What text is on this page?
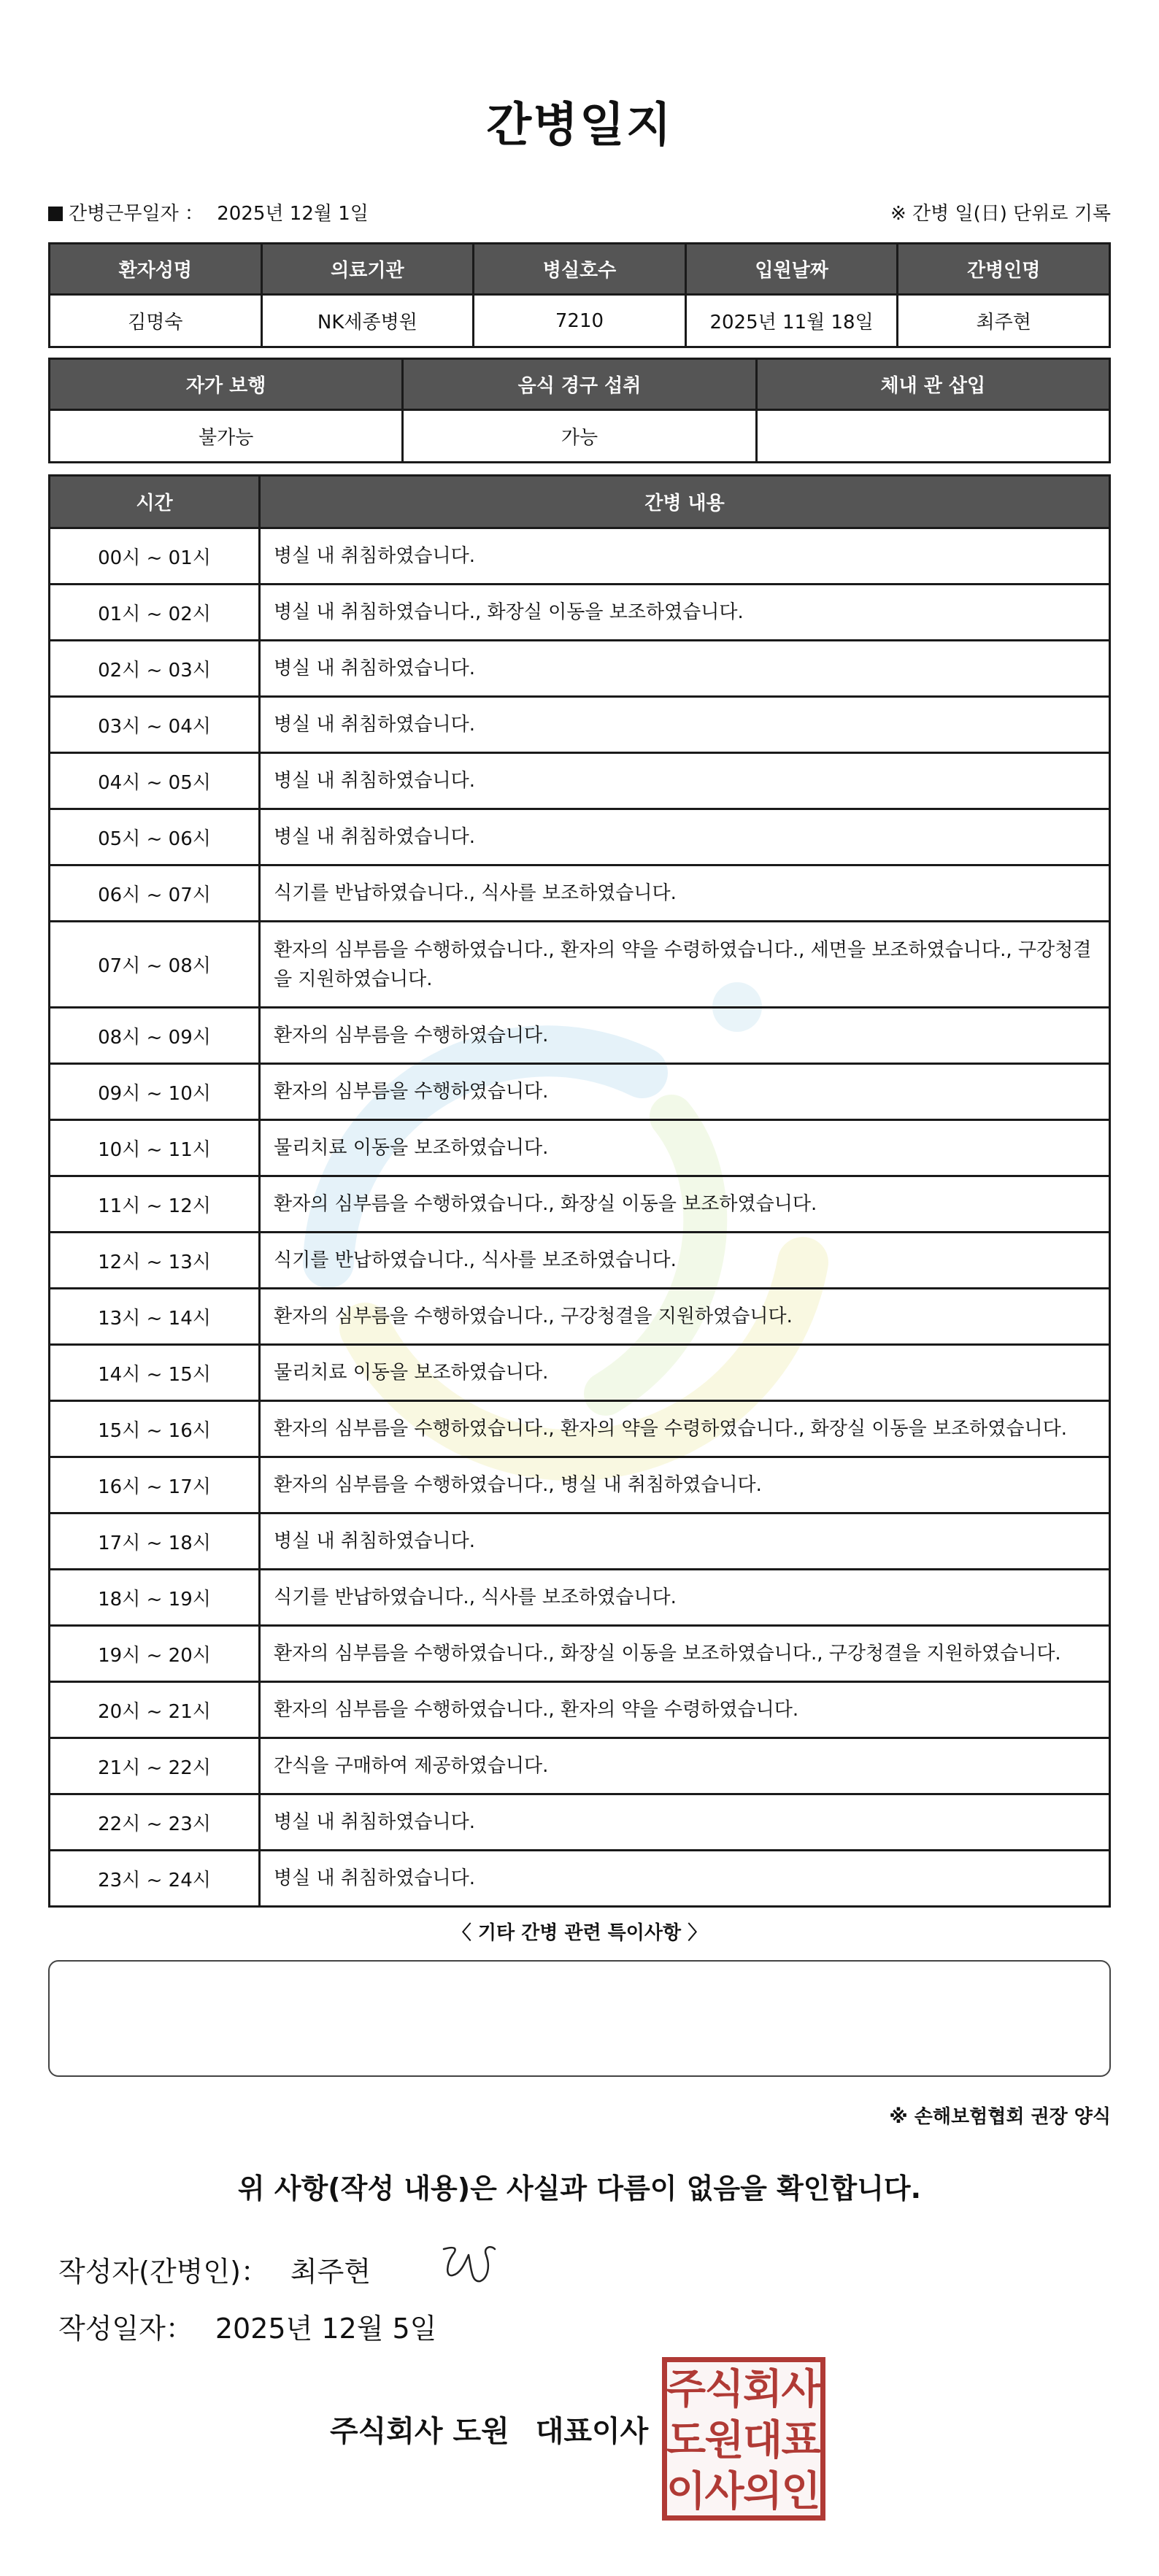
간병일지
간병근무일자 ： 2025년 12월 1일	※ 간병 일(日) 단위로 기록
환자성명	의료기관	병실호수	입원날짜	간병인명
김명숙	NK세종병원	7210	2025년 11월 18일	최주현
자가 보행	음식 경구 섭취	체내 관 삽입
불가능	가능	
시간	간병 내용
00시 ~ 01시	병실 내 취침하였습니다.
01시 ~ 02시	병실 내 취침하였습니다., 화장실 이동을 보조하였습니다.
02시 ~ 03시	병실 내 취침하였습니다.
03시 ~ 04시	병실 내 취침하였습니다.
04시 ~ 05시	병실 내 취침하였습니다.
05시 ~ 06시	병실 내 취침하였습니다.
06시 ~ 07시	식기를 반납하였습니다., 식사를 보조하였습니다.
07시 ~ 08시	환자의 심부름을 수행하였습니다., 환자의 약을 수령하였습니다., 세면을 보조하였습니다., 구강청결을 지원하였습니다.
08시 ~ 09시	환자의 심부름을 수행하였습니다.
09시 ~ 10시	환자의 심부름을 수행하였습니다.
10시 ~ 11시	물리치료 이동을 보조하였습니다.
11시 ~ 12시	환자의 심부름을 수행하였습니다., 화장실 이동을 보조하였습니다.
12시 ~ 13시	식기를 반납하였습니다., 식사를 보조하였습니다.
13시 ~ 14시	환자의 심부름을 수행하였습니다., 구강청결을 지원하였습니다.
14시 ~ 15시	물리치료 이동을 보조하였습니다.
15시 ~ 16시	환자의 심부름을 수행하였습니다., 환자의 약을 수령하였습니다., 화장실 이동을 보조하였습니다.
16시 ~ 17시	환자의 심부름을 수행하였습니다., 병실 내 취침하였습니다.
17시 ~ 18시	병실 내 취침하였습니다.
18시 ~ 19시	식기를 반납하였습니다., 식사를 보조하였습니다.
19시 ~ 20시	환자의 심부름을 수행하였습니다., 화장실 이동을 보조하였습니다., 구강청결을 지원하였습니다.
20시 ~ 21시	환자의 심부름을 수행하였습니다., 환자의 약을 수령하였습니다.
21시 ~ 22시	간식을 구매하여 제공하였습니다.
22시 ~ 23시	병실 내 취침하였습니다.
23시 ~ 24시	병실 내 취침하였습니다.
〈 기타 간병 관련 특이사항 〉
※ 손해보험협회 권장 양식
위 사항(작성 내용)은 사실과 다름이 없음을 확인합니다.
작성자(간병인)： 최주현
작성일자： 2025년 12월 5일
주식회사 도원 대표이사
주
식
회
사
도
원
대
표
이
사
의
인
